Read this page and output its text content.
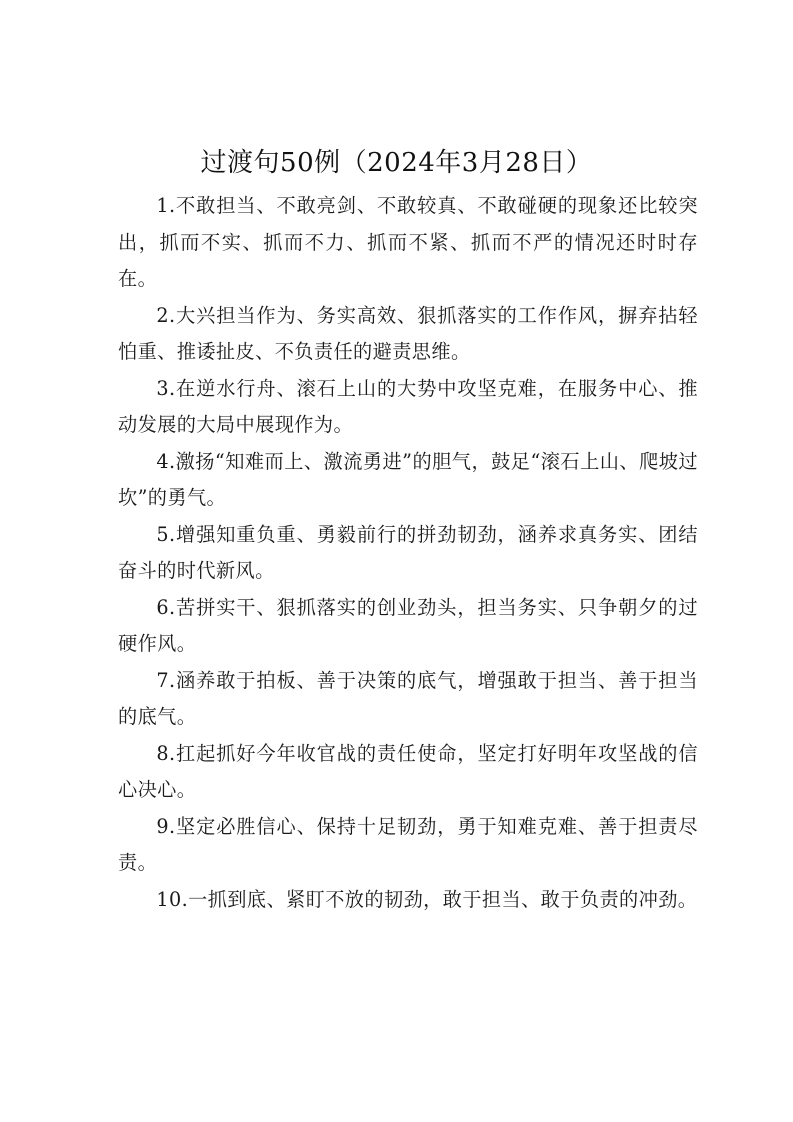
过渡句50例（2024年3月28日）

1.不敢担当、不敢亮剑、不敢较真、不敢碰硬的现象还比较突出，抓而不实、抓而不力、抓而不紧、抓而不严的情况还时时存在。

2.大兴担当作为、务实高效、狠抓落实的工作作风，摒弃拈轻怕重、推诿扯皮、不负责任的避责思维。

3.在逆水行舟、滚石上山的大势中攻坚克难，在服务中心、推动发展的大局中展现作为。

4.激扬“知难而上、激流勇进”的胆气，鼓足“滚石上山、爬坡过坎”的勇气。

5.增强知重负重、勇毅前行的拼劲韧劲，涵养求真务实、团结奋斗的时代新风。

6.苦拼实干、狠抓落实的创业劲头，担当务实、只争朝夕的过硬作风。

7.涵养敢于拍板、善于决策的底气，增强敢于担当、善于担当的底气。

8.扛起抓好今年收官战的责任使命，坚定打好明年攻坚战的信心决心。

9.坚定必胜信心、保持十足韧劲，勇于知难克难、善于担责尽责。

10.一抓到底、紧盯不放的韧劲，敢于担当、敢于负责的冲劲。
